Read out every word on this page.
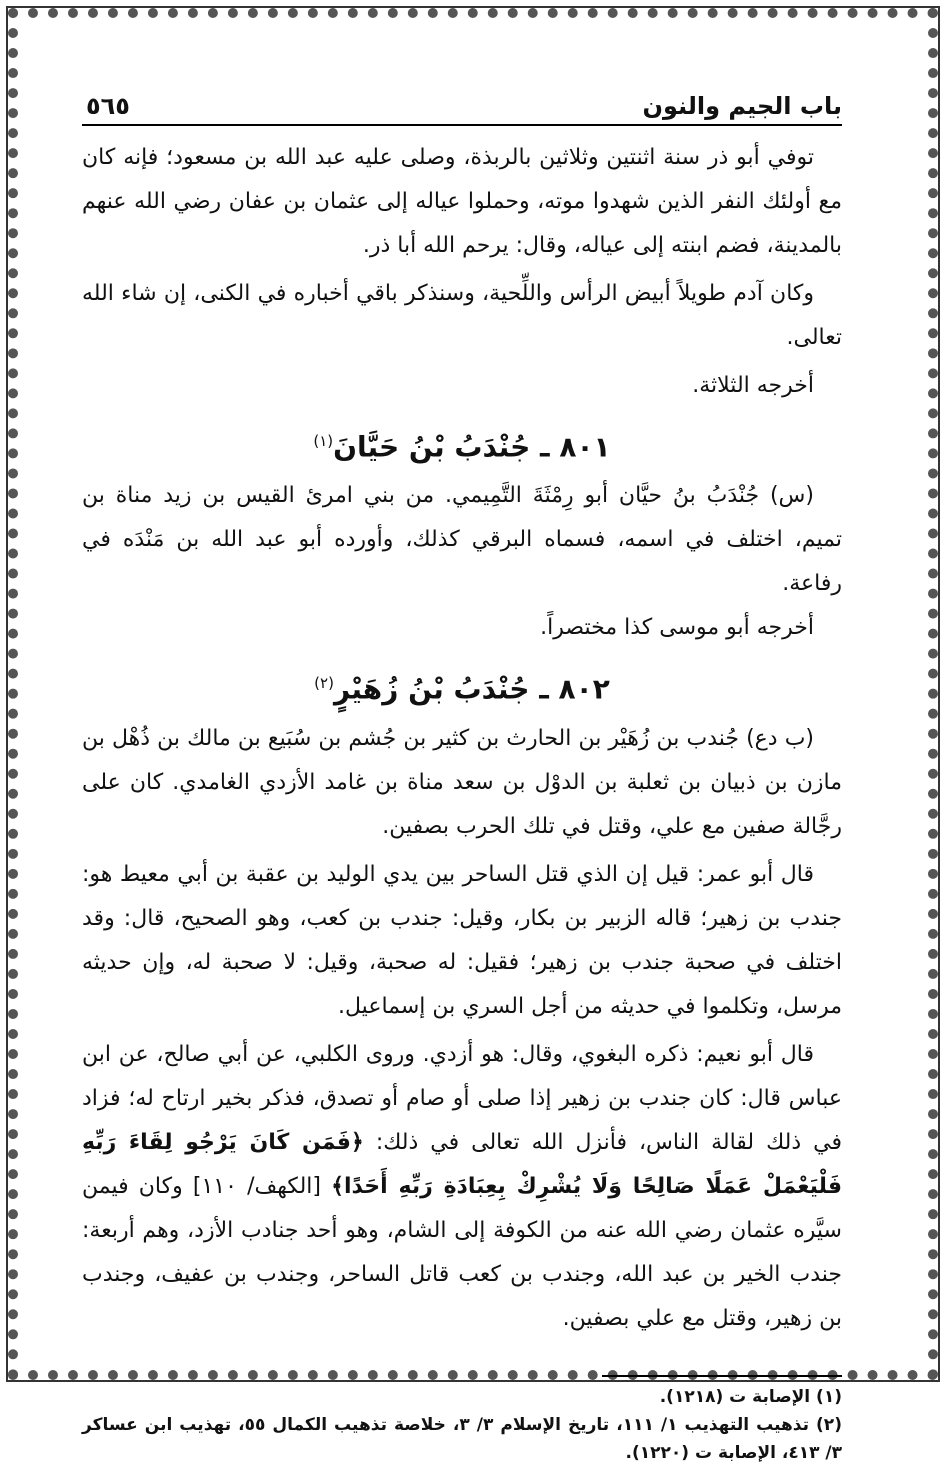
باب الجيم والنون
٥٦٥

توفي أبو ذر سنة اثنتين وثلاثين بالربذة، وصلى عليه عبد الله بن مسعود؛ فإنه كان مع أولئك النفر الذين شهدوا موته، وحملوا عياله إلى عثمان بن عفان رضي الله عنهم بالمدينة، فضم ابنته إلى عياله، وقال: يرحم الله أبا ذر.

وكان آدم طويلاً أبيض الرأس واللِّحية، وسنذكر باقي أخباره في الكنى، إن شاء الله تعالى.

أخرجه الثلاثة.

٨٠١ ـ جُنْدَبُ بْنُ حَيَّانَ$^{(١)}$

(س) جُنْدَبُ بنُ حيَّان أبو رِمْثَةَ التَّمِيمي. من بني امرئ القيس بن زيد مناة بن تميم، اختلف في اسمه، فسماه البرقي كذلك، وأورده أبو عبد الله بن مَنْدَه في رفاعة.

أخرجه أبو موسى كذا مختصراً.

٨٠٢ ـ جُنْدَبُ بْنُ زُهَيْرٍ$^{(٢)}$

(ب دع) جُندب بن زُهَيْر بن الحارث بن كثير بن جُشم بن سُبَيع بن مالك بن ذُهْل بن مازن بن ذبيان بن ثعلبة بن الدوْل بن سعد مناة بن غامد الأزدي الغامدي. كان على رجَّالة صفين مع علي، وقتل في تلك الحرب بصفين.

قال أبو عمر: قيل إن الذي قتل الساحر بين يدي الوليد بن عقبة بن أبي معيط هو: جندب بن زهير؛ قاله الزبير بن بكار، وقيل: جندب بن كعب، وهو الصحيح، قال: وقد اختلف في صحبة جندب بن زهير؛ فقيل: له صحبة، وقيل: لا صحبة له، وإن حديثه مرسل، وتكلموا في حديثه من أجل السري بن إسماعيل.

قال أبو نعيم: ذكره البغوي، وقال: هو أزدي. وروى الكلبي، عن أبي صالح، عن ابن عباس قال: كان جندب بن زهير إذا صلى أو صام أو تصدق، فذكر بخير ارتاح له؛ فزاد في ذلك لقالة الناس، فأنزل الله تعالى في ذلك: ﴿فَمَن كَانَ يَرْجُو لِقَاءَ رَبِّهِ فَلْيَعْمَلْ عَمَلًا صَالِحًا وَلَا يُشْرِكْ بِعِبَادَةِ رَبِّهِ أَحَدًا﴾ [الكهف/ ١١٠] وكان فيمن سيَّره عثمان رضي الله عنه من الكوفة إلى الشام، وهو أحد جنادب الأزد، وهم أربعة: جندب الخير بن عبد الله، وجندب بن كعب قاتل الساحر، وجندب بن عفيف، وجندب بن زهير، وقتل مع علي بصفين.

(١) الإصابة ت (١٢١٨).
(٢) تذهيب التهذيب ١/ ١١١، تاريخ الإسلام ٣/ ٣، خلاصة تذهيب الكمال ٥٥، تهذيب ابن عساكر ٣/ ٤١٣، الإصابة ت (١٢٢٠).
